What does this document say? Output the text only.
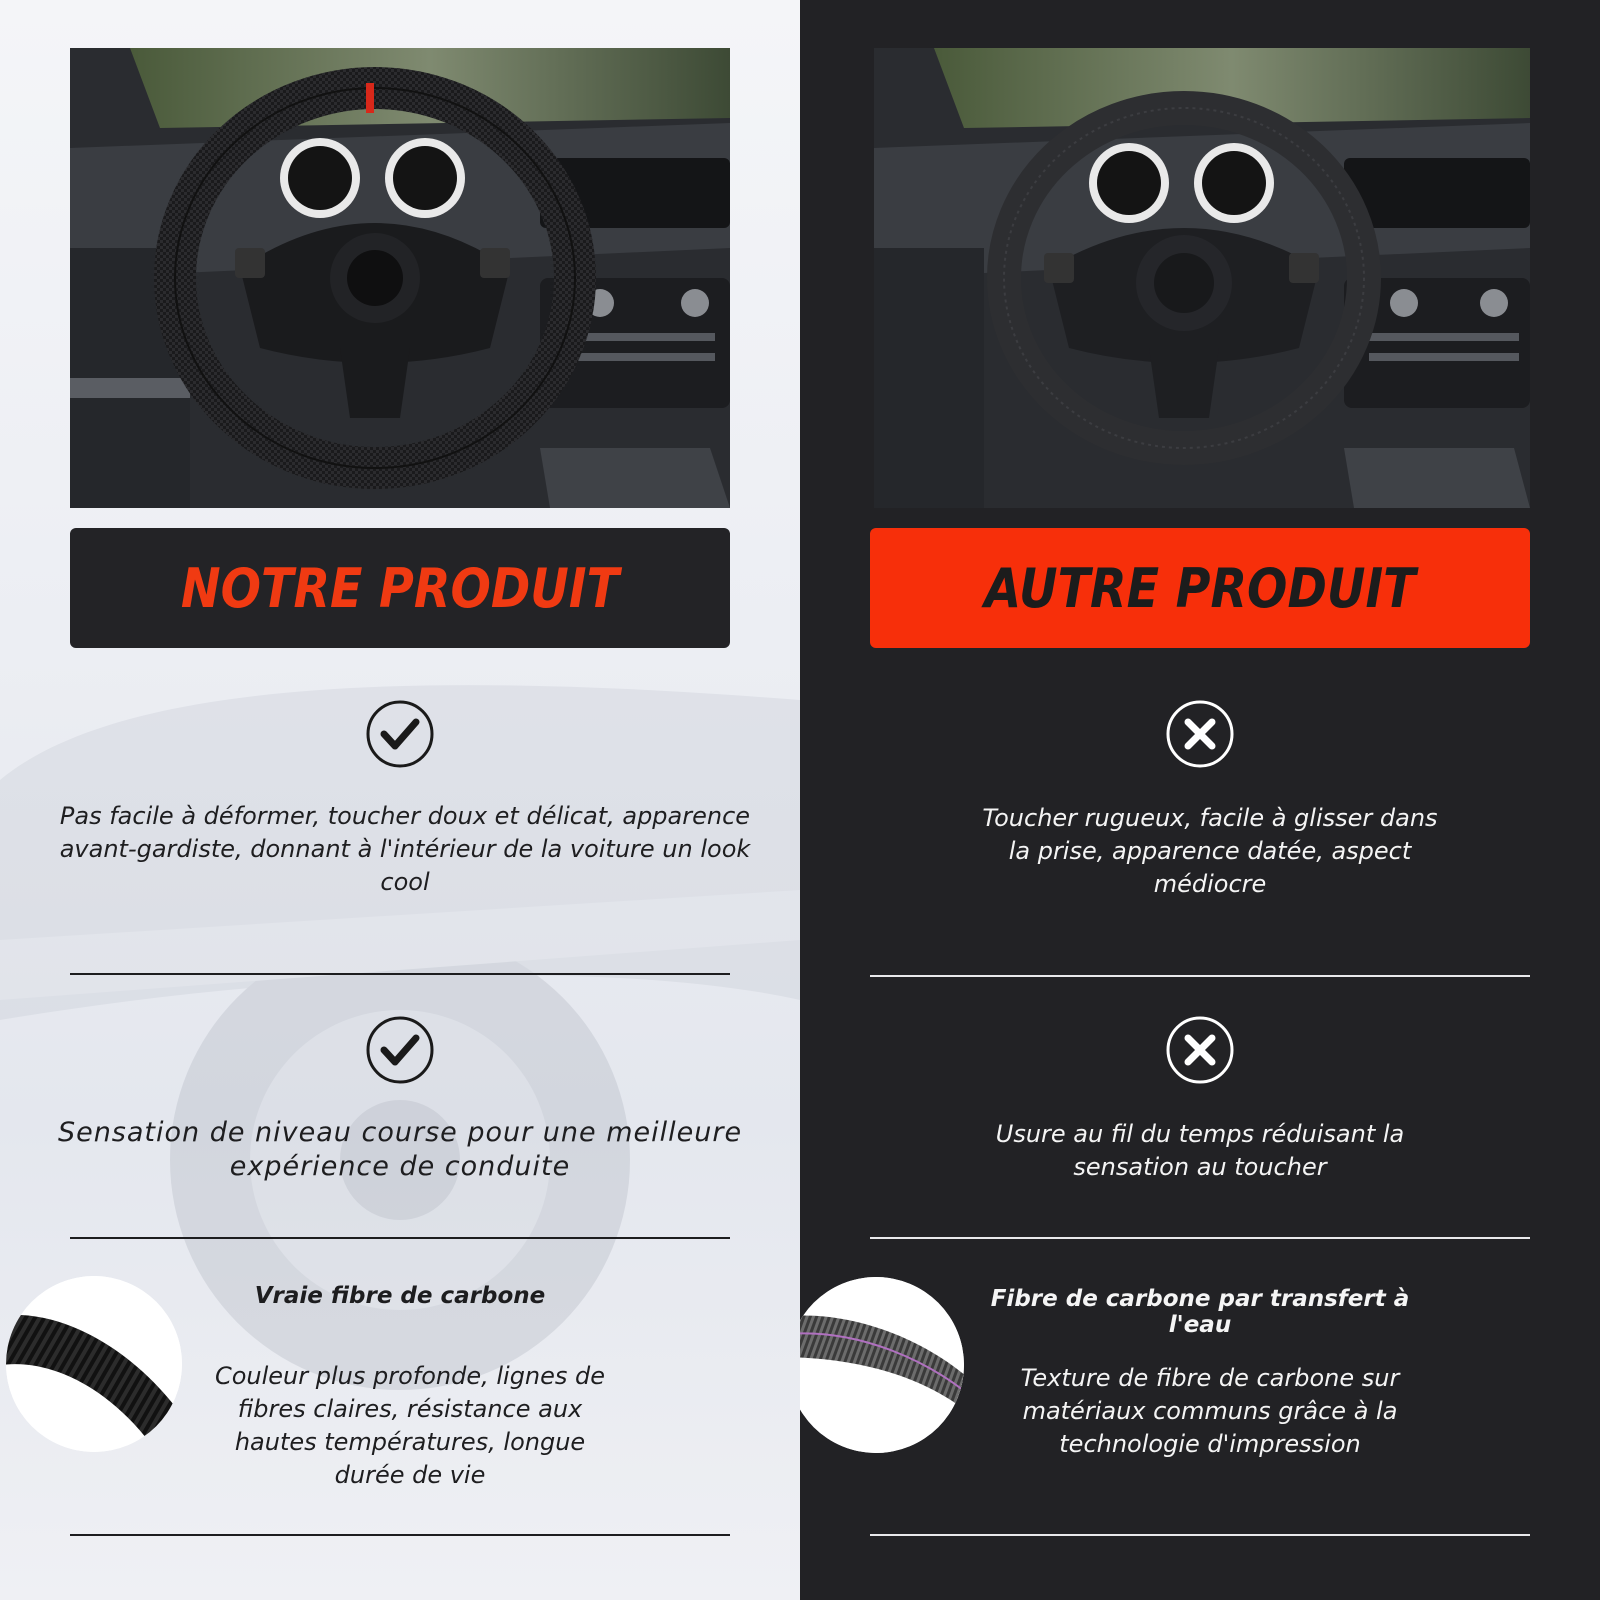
NOTRE PRODUIT
Pas facile à déformer, toucher doux et délicat, apparence avant-gardiste, donnant à l'intérieur de la voiture un look cool
Sensation de niveau course pour une meilleure expérience de conduite
Vraie fibre de carbone
Couleur plus profonde, lignes de fibres claires, résistance aux hautes températures, longue durée de vie
AUTRE PRODUIT
Toucher rugueux, facile à glisser dans la prise, apparence datée, aspect médiocre
Usure au fil du temps réduisant la sensation au toucher
Fibre de carbone par transfert à l'eau
Texture de fibre de carbone sur matériaux communs grâce à la technologie d'impression
